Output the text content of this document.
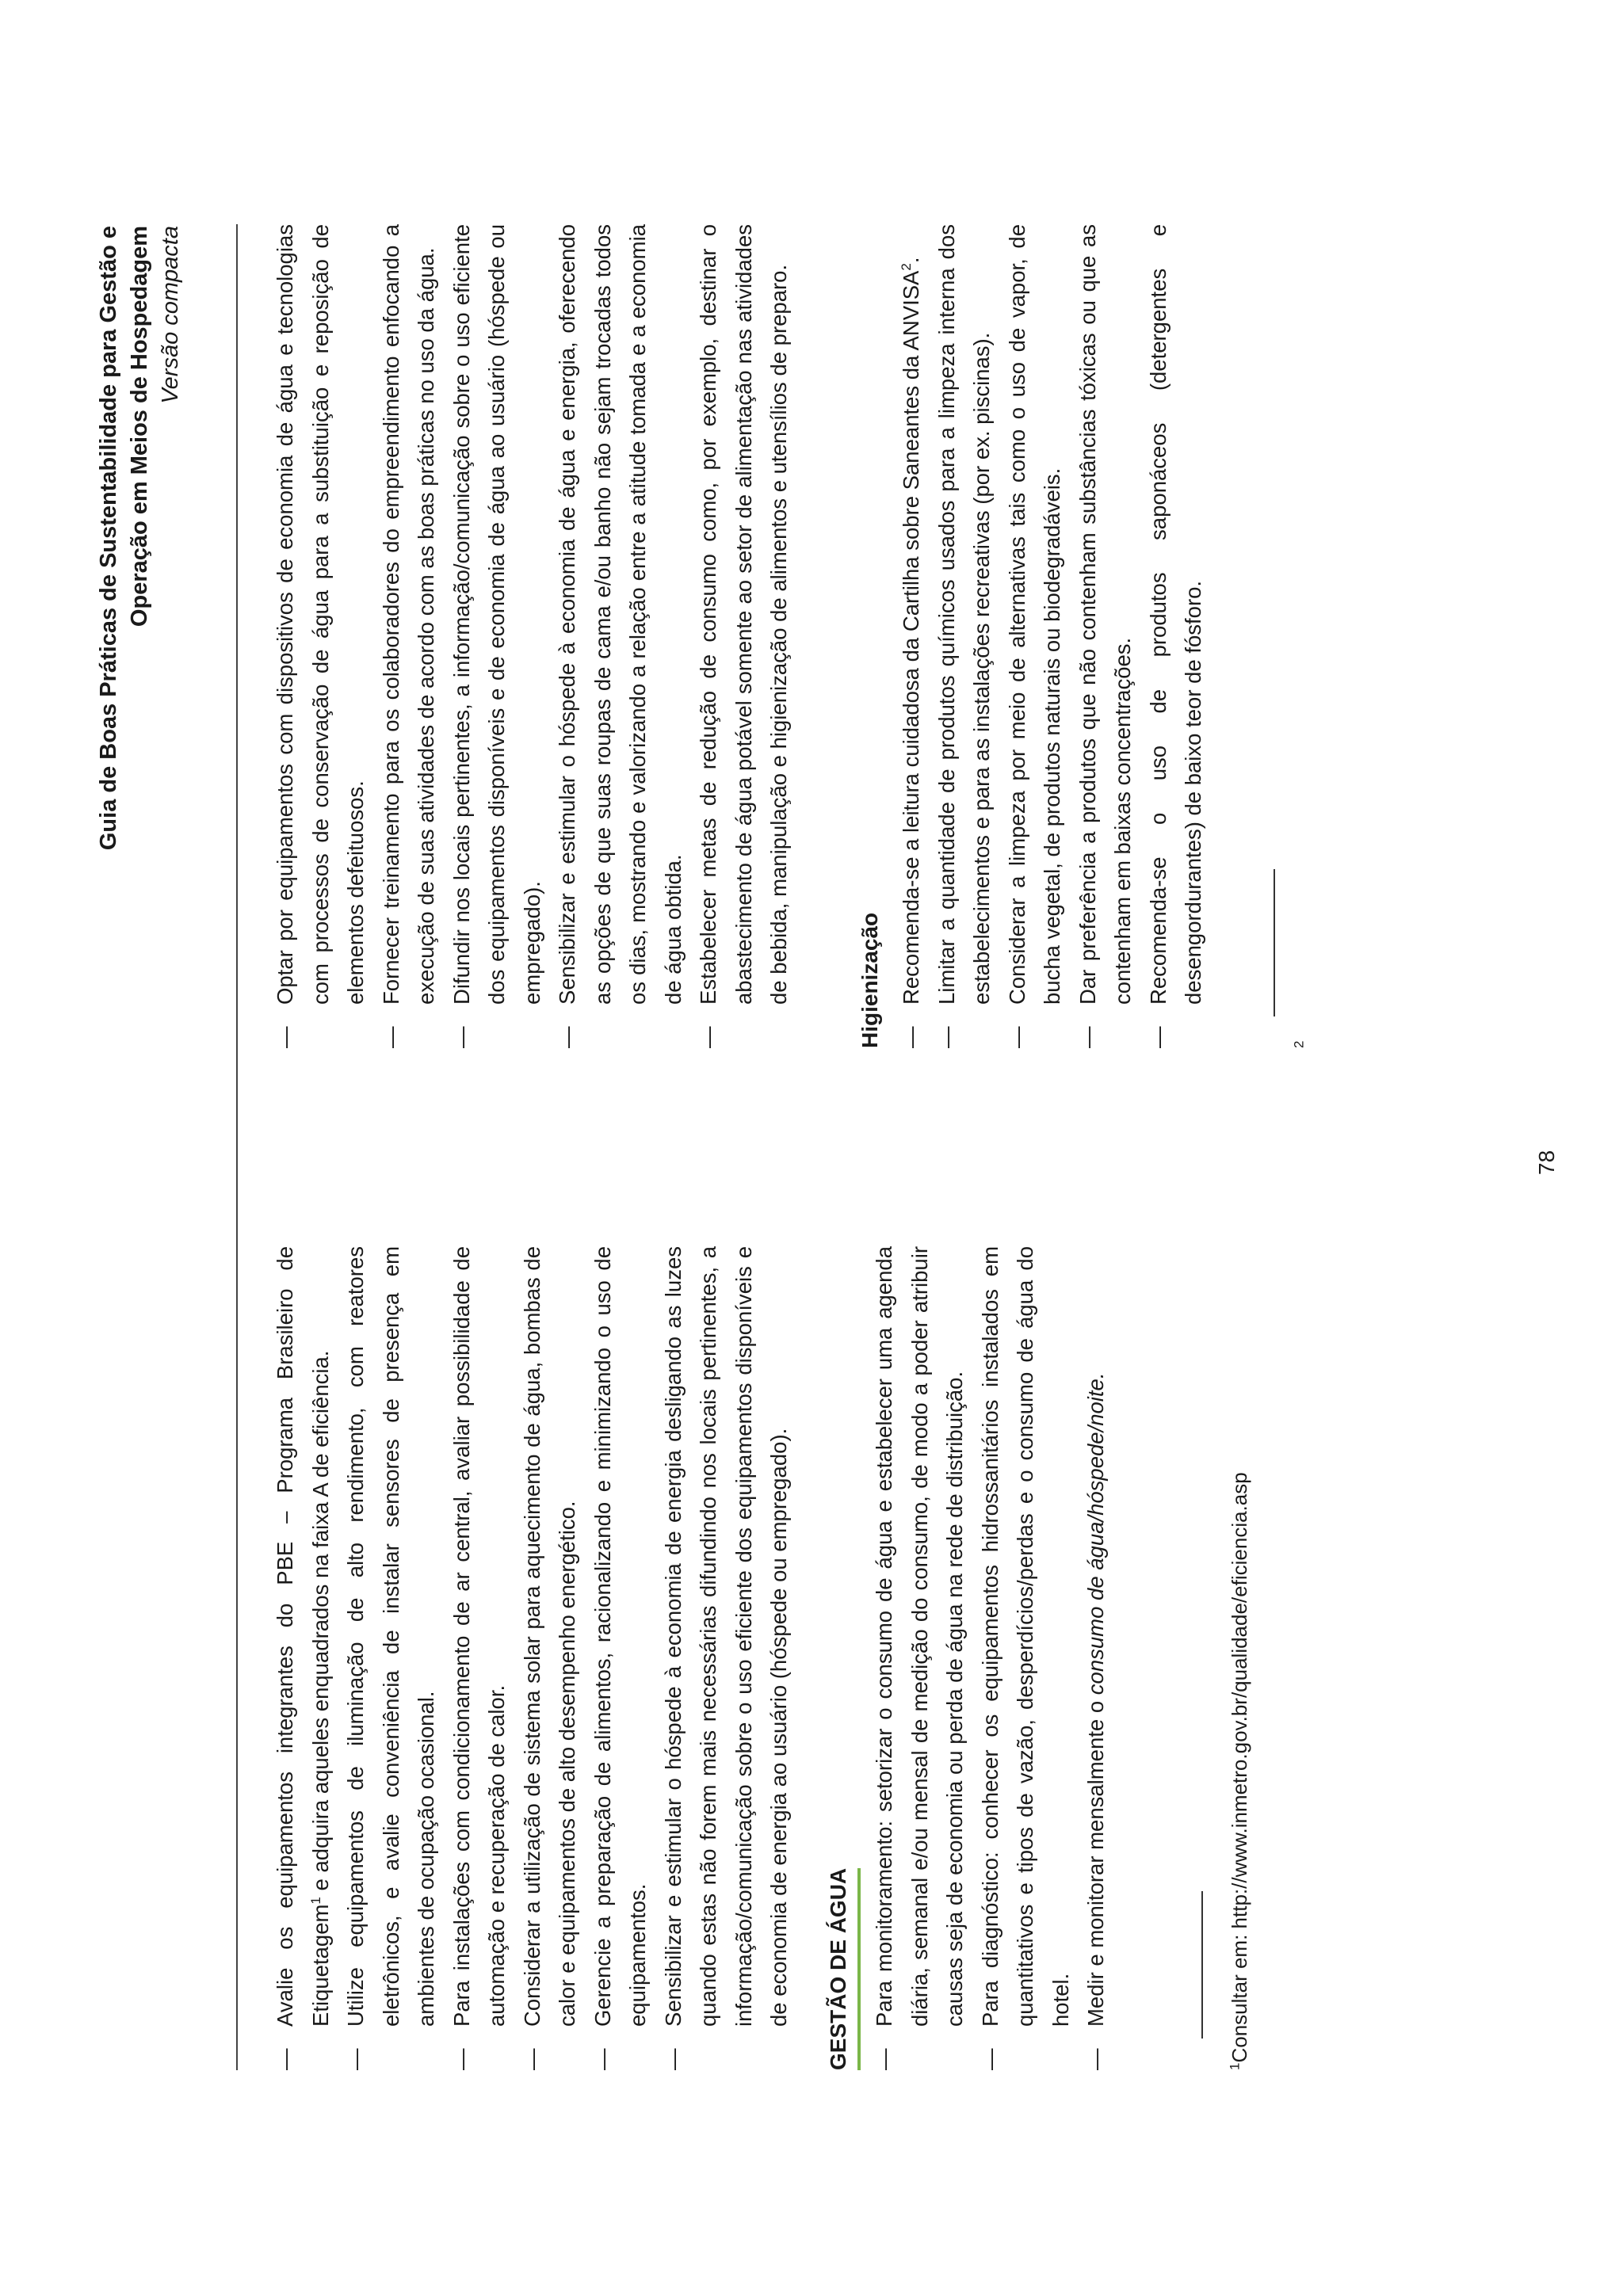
Guia de Boas Práticas de Sustentabilidade para Gestão e Operação em Meios de Hospedagem Versão compacta
—
Avalie os equipamentos integrantes do PBE – Programa Brasileiro de Etiquetagem$^1$ e adquira aqueles enquadrados na faixa A de eficiência.
—
Utilize equipamentos de iluminação de alto rendimento, com reatores eletrônicos, e avalie conveniência de instalar sensores de presença em ambientes de ocupação ocasional.
—
Para instalações com condicionamento de ar central, avaliar possibilidade de automação e recuperação de calor.
—
Considerar a utilização de sistema solar para aquecimento de água, bombas de calor e equipamentos de alto desempenho energético.
—
Gerencie a preparação de alimentos, racionalizando e minimizando o uso de equipamentos.
—
Sensibilizar e estimular o hóspede à economia de energia desligando as luzes quando estas não forem mais necessárias difundindo nos locais pertinentes, a informação/comunicação sobre o uso eficiente dos equipamentos disponíveis e de economia de energia ao usuário (hóspede ou empregado).	GESTÃO DE ÁGUA	—
Para monitoramento: setorizar o consumo de água e estabelecer uma agenda diária, semanal e/ou mensal de medição do consumo, de modo a poder atribuir causas seja de economia ou perda de água na rede de distribuição.
—
Para diagnóstico: conhecer os equipamentos hidrossanitários instalados em quantitativos e tipos de vazão, desperdícios/perdas e o consumo de água do hotel.
—
Medir e monitorar mensalmente o consumo de água/hóspede/noite.
$^1$Consultar em: http://www.inmetro.gov.br/qualidade/eficiencia.asp
—
Optar por equipamentos com dispositivos de economia de água e tecnologias com processos de conservação de água para a substituição e reposição de elementos defeituosos.
—
Fornecer treinamento para os colaboradores do empreendimento enfocando a execução de suas atividades de acordo com as boas práticas no uso da água.
—
Difundir nos locais pertinentes, a informação/comunicação sobre o uso eficiente dos equipamentos disponíveis e de economia de água ao usuário (hóspede ou empregado).
—
Sensibilizar e estimular o hóspede à economia de água e energia, oferecendo as opções de que suas roupas de cama e/ou banho não sejam trocadas todos os dias, mostrando e valorizando a relação entre a atitude tomada e a economia de água obtida.
—
Estabelecer metas de redução de consumo como, por exemplo, destinar o abastecimento de água potável somente ao setor de alimentação nas atividades de bebida, manipulação e higienização de alimentos e utensílios de preparo.	Higienização —
Recomenda-se a leitura cuidadosa da Cartilha sobre Saneantes da ANVISA$^2$.
—
Limitar a quantidade de produtos químicos usados para a limpeza interna dos estabelecimentos e para as instalações recreativas (por ex. piscinas).
—
Considerar a limpeza por meio de alternativas tais como o uso de vapor, de bucha vegetal, de produtos naturais ou biodegradáveis.
—
Dar preferência a produtos que não contenham substâncias tóxicas ou que as contenham em baixas concentrações.
—
Recomenda-se o uso de produtos saponáceos (detergentes e desengordurantes) de baixo teor de fósforo.
$^2$
78
